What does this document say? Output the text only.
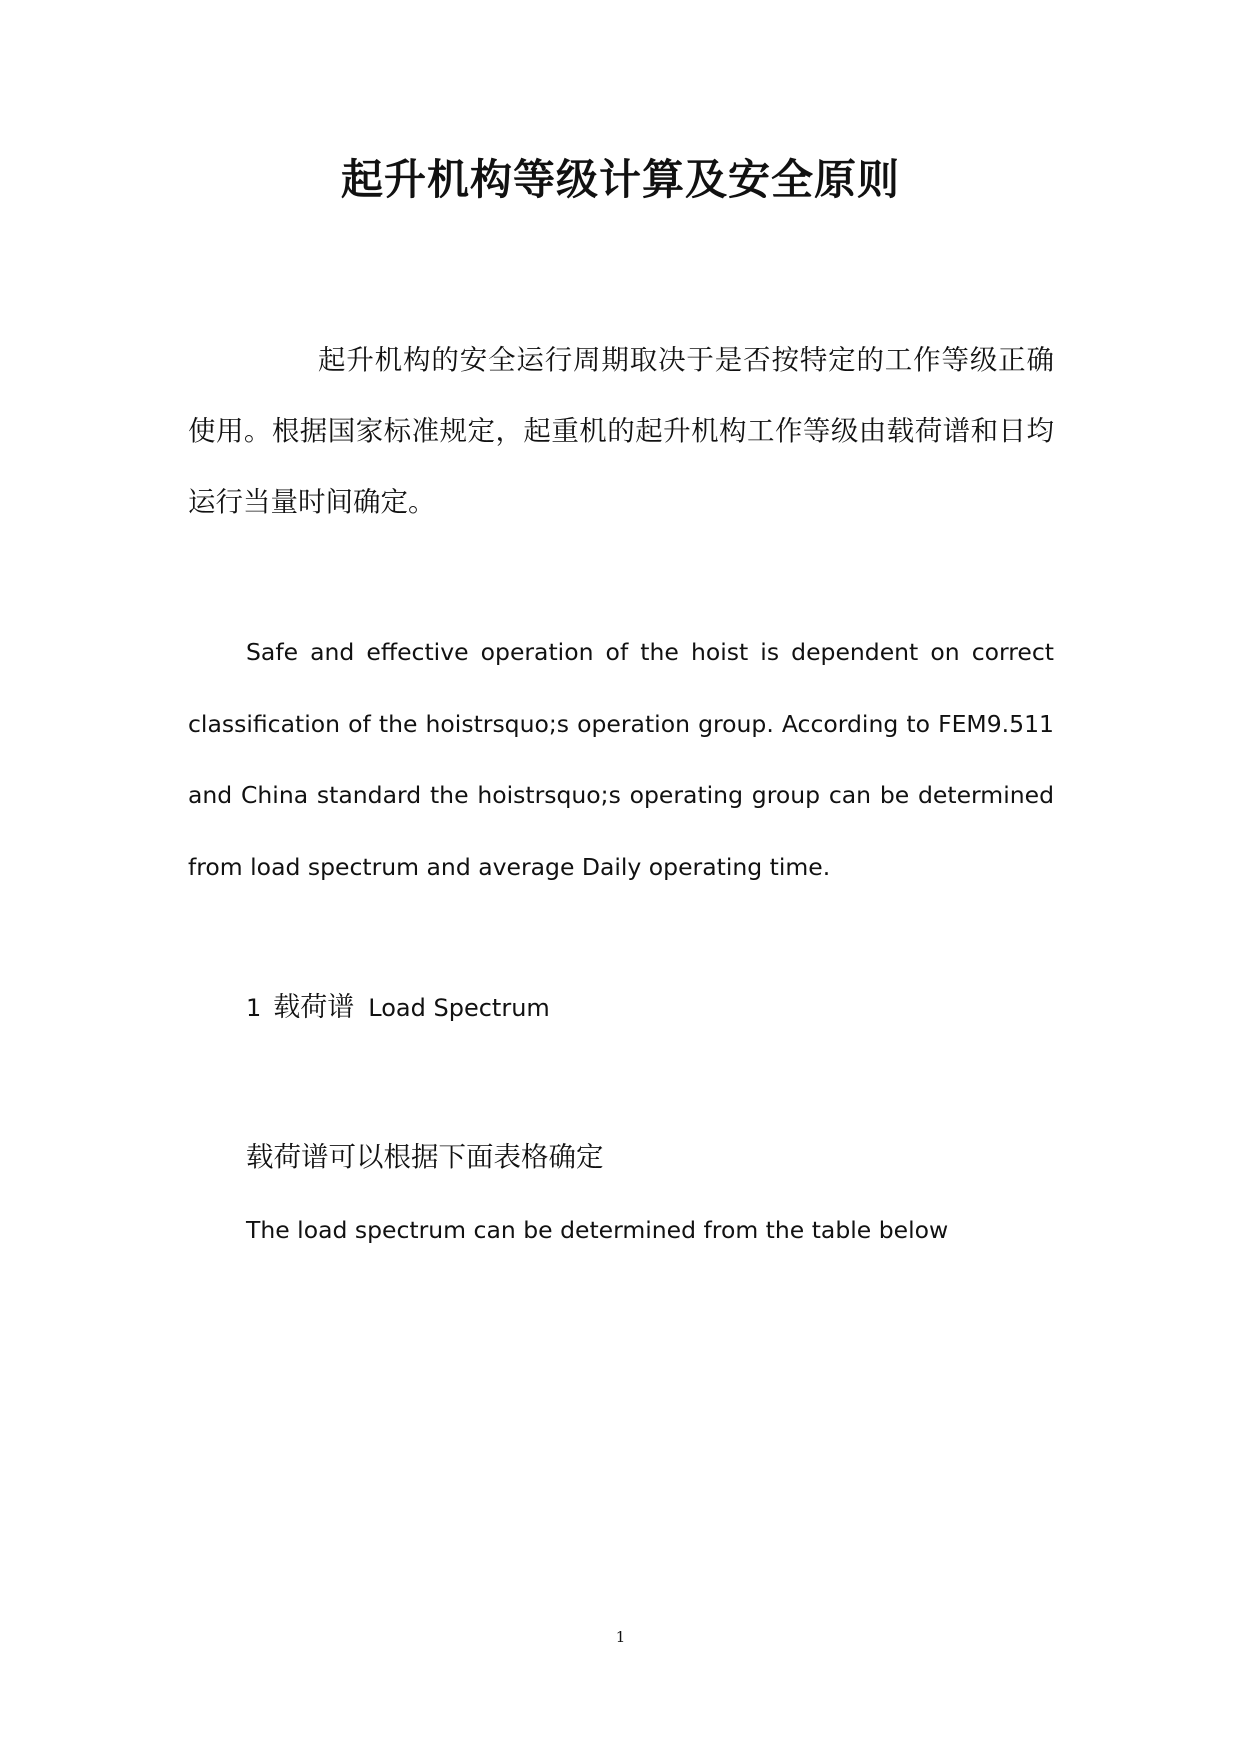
起升机构等级计算及安全原则

起升机构的安全运行周期取决于是否按特定的工作等级正确使用。根据国家标准规定，起重机的起升机构工作等级由载荷谱和日均运行当量时间确定。

Safe and effective operation of the hoist is dependent on correct classification of the hoistrsquo;s operation group. According to FEM9.511 and China standard the hoistrsquo;s operating group can be determined from load spectrum and average Daily operating time.

1 载荷谱 Load Spectrum
载荷谱可以根据下面表格确定
The load spectrum can be determined from the table below
1
